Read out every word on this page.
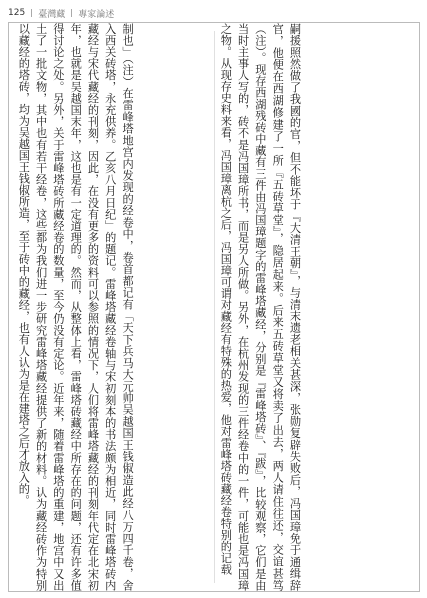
125 臺灣藏 專家論述
嗣援照然做了我國的官，但不能坏于『大清王朝』，与清末遗老相关甚深，张勋复辟失败后，冯国璋免于通缉辞官，他便在西湖修建了一所『五砖草堂』，隐居起来。后来五砖草堂又将卖了出去，两人请住往还，交谊甚笃（注）。现存西湖残砖中藏有三件由冯国璋题字的雷峰塔藏经，分别是『雷峰塔砖』、『跋』，比较观察，它们是由当时主事人写的，砖不是冯国璋所书，而是另人所做。另外，在杭州发现的三件经卷中的一件，可能也是冯国璋之物。从现存史料来看，冯国璋离杭之后，冯国璋可谓对藏经有特殊的热爱，他对雷峰塔砖藏经卷特别的记载
制也」（注）在雷峰塔地宫内发现的经卷中，卷首都记有「天下兵马大元帅吴越国王钱俶造此经八万四千卷，舍入西关砖塔，永充供养。乙亥八月日纪」的题记。雷峰塔藏经卷轴与宋初刻本的书法颇为相近，同时雷峰塔砖内藏经与宋代藏经的刊刻，因此，在没有更多的资料可以参照的情况下，人们将雷峰塔藏经的刊刻年代定在北宋初年，也就是吴越国末年，这也是有一定道理的。然而，从整体上看，雷峰塔砖藏经中所存在的问题，还有许多值得讨论之处。另外，关于雷峰塔砖所藏经卷的数量，至今仍没有定论。近年来，随着雷峰塔的重建，地宫中又出土了一批文物，其中也有若干经卷，这些都为我们进一步研究雷峰塔藏经提供了新的材料。认为藏经砖作为特别以藏经的塔砖，均为吴越国王钱俶所造，至于砖中的藏经，也有人认为是在建塔之后才放入的。
